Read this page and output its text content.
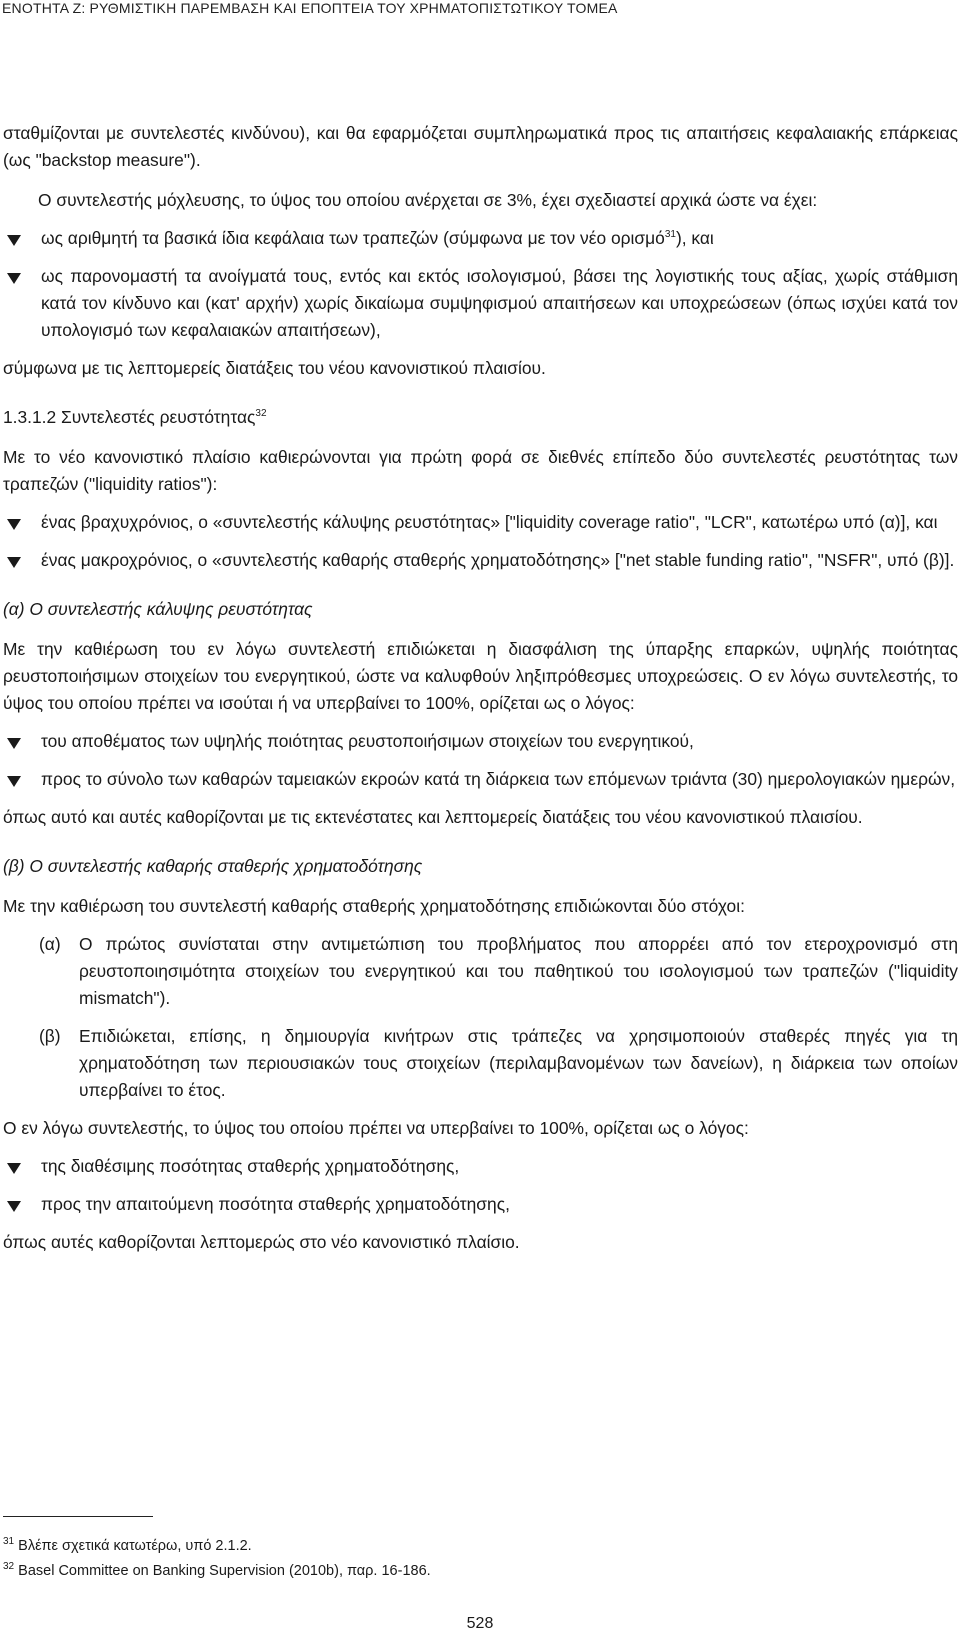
ΕΝΟΤΗΤΑ Ζ: ΡΥΘΜΙΣΤΙΚΗ ΠΑΡΕΜΒΑΣΗ ΚΑΙ ΕΠΟΠΤΕΙΑ ΤΟΥ ΧΡΗΜΑΤΟΠΙΣΤΩΤΙΚΟΥ ΤΟΜΕΑ

σταθμίζονται με συντελεστές κινδύνου), και θα εφαρμόζεται συμπληρωματικά προς τις απαιτήσεις κεφαλαιακής επάρκειας (ως "backstop measure").

Ο συντελεστής μόχλευσης, το ύψος του οποίου ανέρχεται σε 3%, έχει σχεδιαστεί αρχικά ώστε να έχει:

ως αριθμητή τα βασικά ίδια κεφάλαια των τραπεζών (σύμφωνα με τον νέο ορισμό$^{31}$), και
ως παρονομαστή τα ανοίγματά τους, εντός και εκτός ισολογισμού, βάσει της λογιστικής τους αξίας, χωρίς στάθμιση κατά τον κίνδυνο και (κατ' αρχήν) χωρίς δικαίωμα συμψηφισμού απαιτήσεων και υποχρεώσεων (όπως ισχύει κατά τον υπολογισμό των κεφαλαιακών απαιτήσεων),

σύμφωνα με τις λεπτομερείς διατάξεις του νέου κανονιστικού πλαισίου.

1.3.1.2 Συντελεστές ρευστότητας$^{32}$

Με το νέο κανονιστικό πλαίσιο καθιερώνονται για πρώτη φορά σε διεθνές επίπεδο δύο συντελεστές ρευστότητας των τραπεζών ("liquidity ratios"):

ένας βραχυχρόνιος, ο «συντελεστής κάλυψης ρευστότητας» ["liquidity coverage ratio", "LCR", κατωτέρω υπό (α)], και
ένας μακροχρόνιος, ο «συντελεστής καθαρής σταθερής χρηματοδότησης» ["net stable funding ratio", "NSFR", υπό (β)].

(α) Ο συντελεστής κάλυψης ρευστότητας

Με την καθιέρωση του εν λόγω συντελεστή επιδιώκεται η διασφάλιση της ύπαρξης επαρκών, υψηλής ποιότητας ρευστοποιήσιμων στοιχείων του ενεργητικού, ώστε να καλυφθούν ληξιπρόθεσμες υποχρεώσεις. Ο εν λόγω συντελεστής, το ύψος του οποίου πρέπει να ισούται ή να υπερβαίνει το 100%, ορίζεται ως ο λόγος:

του αποθέματος των υψηλής ποιότητας ρευστοποιήσιμων στοιχείων του ενεργητικού,
προς το σύνολο των καθαρών ταμειακών εκροών κατά τη διάρκεια των επόμενων τριάντα (30) ημερολογιακών ημερών,

όπως αυτό και αυτές καθορίζονται με τις εκτενέστατες και λεπτομερείς διατάξεις του νέου κανονιστικού πλαισίου.

(β) Ο συντελεστής καθαρής σταθερής χρηματοδότησης

Με την καθιέρωση του συντελεστή καθαρής σταθερής χρηματοδότησης επιδιώκονται δύο στόχοι:

(α) Ο πρώτος συνίσταται στην αντιμετώπιση του προβλήματος που απορρέει από τον ετεροχρονισμό στη ρευστοποιησιμότητα στοιχείων του ενεργητικού και του παθητικού του ισολογισμού των τραπεζών ("liquidity mismatch").
(β) Επιδιώκεται, επίσης, η δημιουργία κινήτρων στις τράπεζες να χρησιμοποιούν σταθερές πηγές για τη χρηματοδότηση των περιουσιακών τους στοιχείων (περιλαμβανομένων των δανείων), η διάρκεια των οποίων υπερβαίνει το έτος.

Ο εν λόγω συντελεστής, το ύψος του οποίου πρέπει να υπερβαίνει το 100%, ορίζεται ως ο λόγος:

της διαθέσιμης ποσότητας σταθερής χρηματοδότησης,
προς την απαιτούμενη ποσότητα σταθερής χρηματοδότησης,

όπως αυτές καθορίζονται λεπτομερώς στο νέο κανονιστικό πλαίσιο.

$^{31}$ Βλέπε σχετικά κατωτέρω, υπό 2.1.2.
$^{32}$ Basel Committee on Banking Supervision (2010b), παρ. 16-186.
528
